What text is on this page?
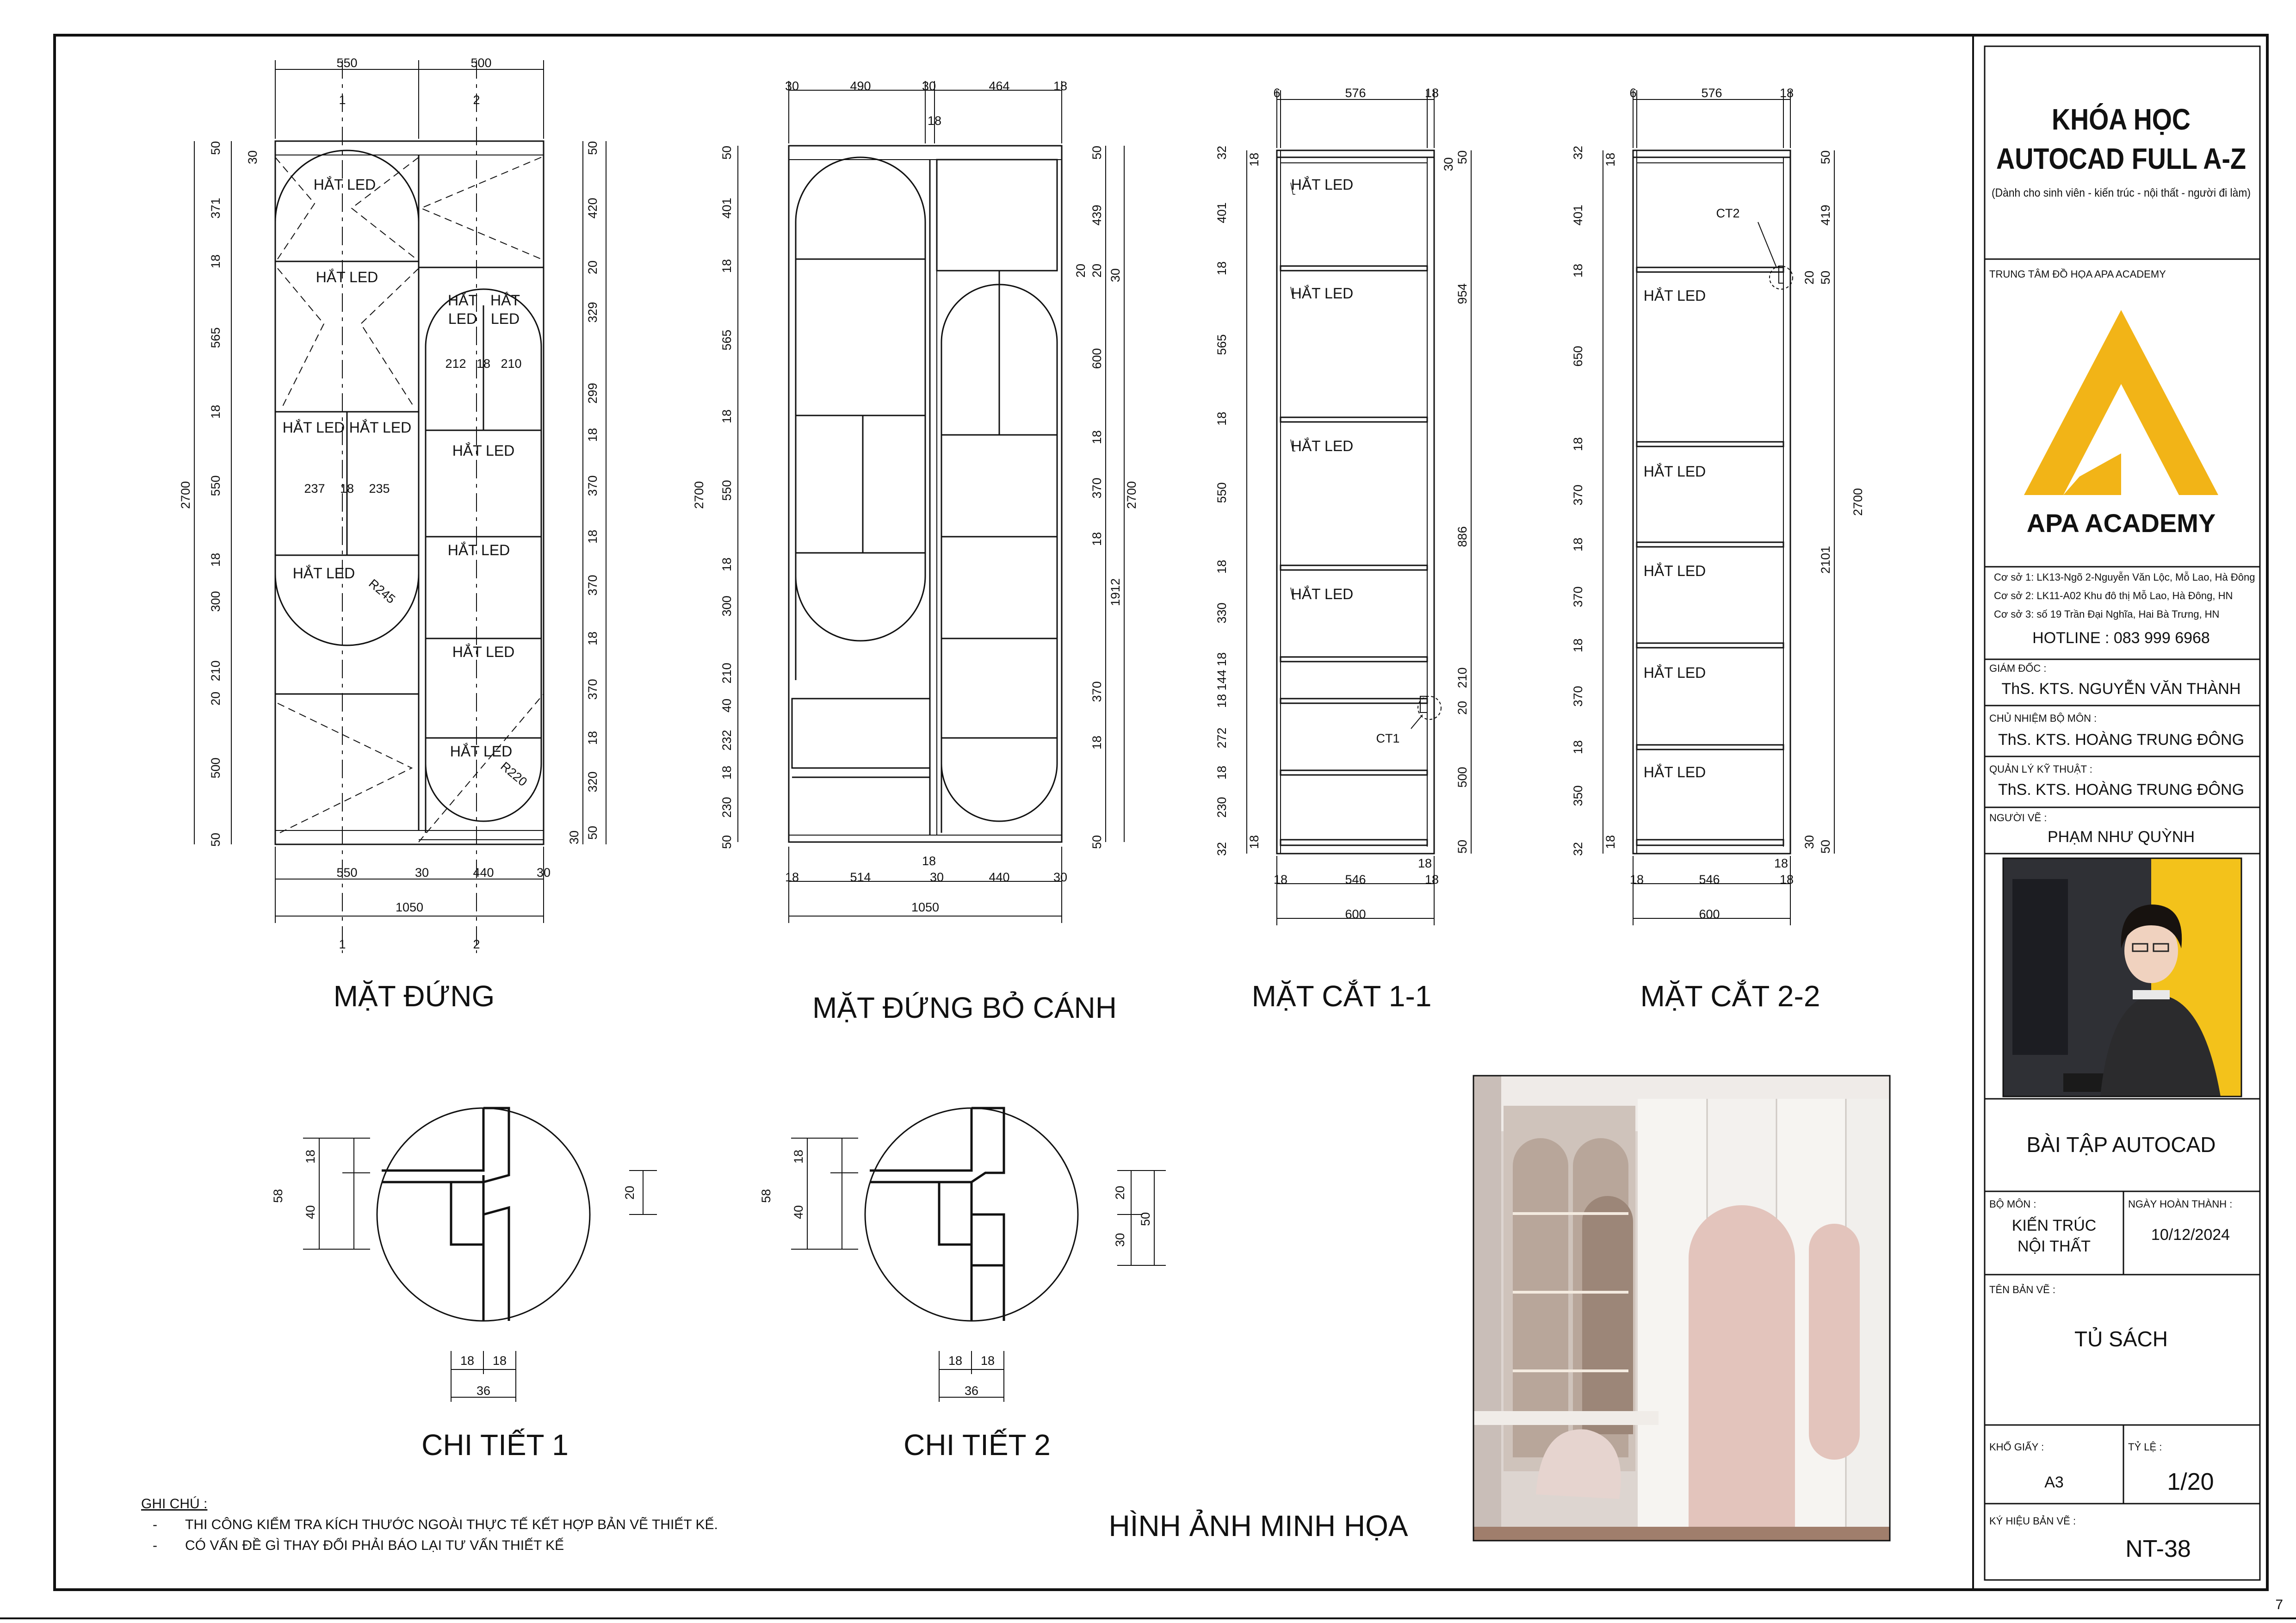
7
550	500
1	2
1	2
550	30	440	30
1050
2700
50
371
18
565
18
550
18
300
210
20
500
50
30
50
420
20
329
299
18
370
18
370
18
370
18
320
50
30
212 18 210
237 18 235
HẮT LED
HẮT LED
HẮT
LED
HẮT
LED
HẮT LED HẮT LED
HẮT LED
HẮT LED
HẮT LED
HẮT LED
HẮT LED
R245
R220
MẶT ĐỨNG
30	490	30	464	18
18
18	514
18
30	440	30
1050
2700
50
401
18
565
18
550
18
300
210
40
232
18
230
50
50
439
20 20 30
600
18
370
18
1912
370
18
50
2700
MẶT ĐỨNG BỎ CÁNH
6	576	18
18	546
18
18
600
32 18
401
18
565
18
550
18
330
18
144
18
272
18
230
18
32
50
30
954
886
210
20
500
50
CT1
HẮT LED
HẮT LED
HẮT LED
HẮT LED
MẶT CẮT 1-1
6	576	18
18	546
18
18
600
32 18
401
18
650
18
370
18
370
18
370
18
350
18
32
50
419
20 50
2101
30 50
2700
CT2
HẮT LED
HẮT LED
HẮT LED
HẮT LED
HẮT LED
MẶT CẮT 2-2
58
18
40
20
18 18
36
CHI TIẾT 1
58
18
40
20
30
50
18 18
36
CHI TIẾT 2
GHI CHÚ :
- THI CÔNG KIỂM TRA KÍCH THƯỚC NGOÀI THỰC TẾ KẾT HỢP BẢN VẼ THIẾT KẾ.
- CÓ VẤN ĐỀ GÌ THAY ĐỔI PHẢI BÁO LẠI TƯ VẤN THIẾT KẾ
HÌNH ẢNH MINH HỌA
KHÓA HỌC
AUTOCAD FULL A-Z
(Dành cho sinh viên - kiến trúc - nội thất - người đi làm)
TRUNG TÂM ĐỒ HỌA APA ACADEMY
APA ACADEMY
Cơ sở 1: LK13-Ngõ 2-Nguyễn Văn Lộc, Mỗ Lao, Hà Đông
Cơ sở 2: LK11-A02 Khu đô thị Mỗ Lao, Hà Đông, HN
Cơ sở 3: số 19 Trần Đại Nghĩa, Hai Bà Trưng, HN
HOTLINE : 083 999 6968
GIÁM ĐỐC :
ThS. KTS. NGUYỄN VĂN THÀNH
CHỦ NHIỆM BỘ MÔN :
ThS. KTS. HOÀNG TRUNG ĐÔNG
QUẢN LÝ KỸ THUẬT :
ThS. KTS. HOÀNG TRUNG ĐÔNG
NGƯỜI VẼ :
PHẠM NHƯ QUỲNH
BÀI TẬP AUTOCAD
BỘ MÔN :
KIẾN TRÚC
NỘI THẤT
NGÀY HOÀN THÀNH :
10/12/2024
TÊN BẢN VẼ :
TỦ SÁCH
KHỔ GIẤY :
A3
TỶ LỆ :
1/20
KÝ HIỆU BẢN VẼ :
NT-38
